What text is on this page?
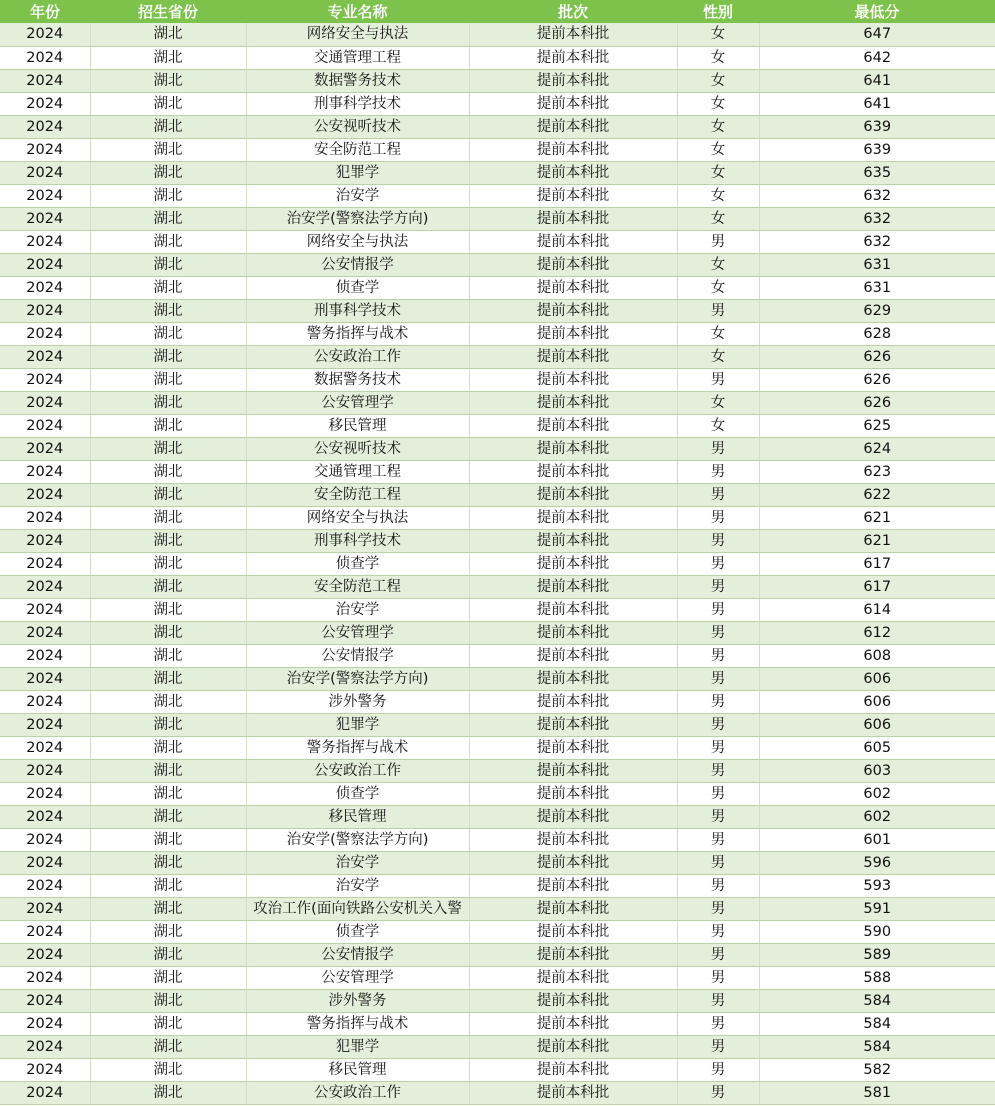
年份	招生省份	专业名称	批次	性别	最低分
2024	湖北	网络安全与执法	提前本科批	女	647
2024	湖北	交通管理工程	提前本科批	女	642
2024	湖北	数据警务技术	提前本科批	女	641
2024	湖北	刑事科学技术	提前本科批	女	641
2024	湖北	公安视听技术	提前本科批	女	639
2024	湖北	安全防范工程	提前本科批	女	639
2024	湖北	犯罪学	提前本科批	女	635
2024	湖北	治安学	提前本科批	女	632
2024	湖北	治安学(警察法学方向)	提前本科批	女	632
2024	湖北	网络安全与执法	提前本科批	男	632
2024	湖北	公安情报学	提前本科批	女	631
2024	湖北	侦查学	提前本科批	女	631
2024	湖北	刑事科学技术	提前本科批	男	629
2024	湖北	警务指挥与战术	提前本科批	女	628
2024	湖北	公安政治工作	提前本科批	女	626
2024	湖北	数据警务技术	提前本科批	男	626
2024	湖北	公安管理学	提前本科批	女	626
2024	湖北	移民管理	提前本科批	女	625
2024	湖北	公安视听技术	提前本科批	男	624
2024	湖北	交通管理工程	提前本科批	男	623
2024	湖北	安全防范工程	提前本科批	男	622
2024	湖北	网络安全与执法	提前本科批	男	621
2024	湖北	刑事科学技术	提前本科批	男	621
2024	湖北	侦查学	提前本科批	男	617
2024	湖北	安全防范工程	提前本科批	男	617
2024	湖北	治安学	提前本科批	男	614
2024	湖北	公安管理学	提前本科批	男	612
2024	湖北	公安情报学	提前本科批	男	608
2024	湖北	治安学(警察法学方向)	提前本科批	男	606
2024	湖北	涉外警务	提前本科批	男	606
2024	湖北	犯罪学	提前本科批	男	606
2024	湖北	警务指挥与战术	提前本科批	男	605
2024	湖北	公安政治工作	提前本科批	男	603
2024	湖北	侦查学	提前本科批	男	602
2024	湖北	移民管理	提前本科批	男	602
2024	湖北	治安学(警察法学方向)	提前本科批	男	601
2024	湖北	治安学	提前本科批	男	596
2024	湖北	治安学	提前本科批	男	593
2024	湖北	攻治工作(面向铁路公安机关入警	提前本科批	男	591
2024	湖北	侦查学	提前本科批	男	590
2024	湖北	公安情报学	提前本科批	男	589
2024	湖北	公安管理学	提前本科批	男	588
2024	湖北	涉外警务	提前本科批	男	584
2024	湖北	警务指挥与战术	提前本科批	男	584
2024	湖北	犯罪学	提前本科批	男	584
2024	湖北	移民管理	提前本科批	男	582
2024	湖北	公安政治工作	提前本科批	男	581
